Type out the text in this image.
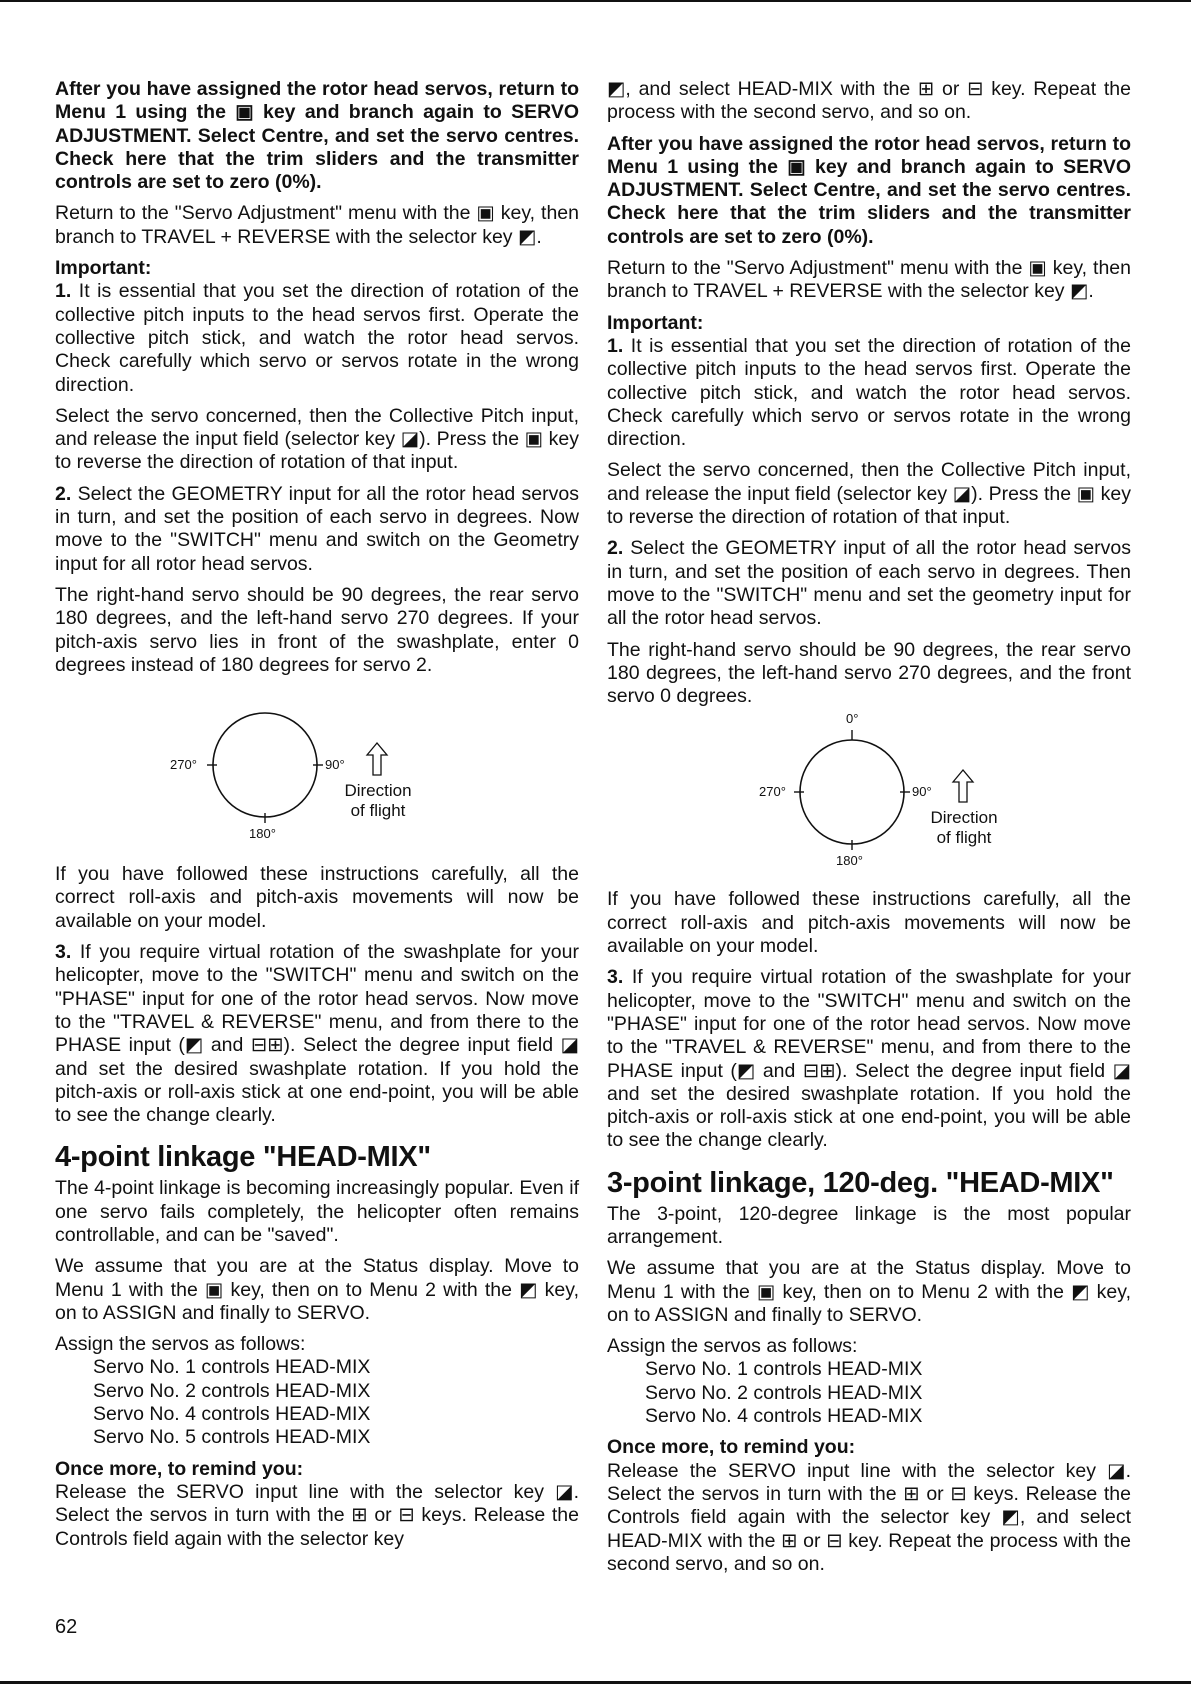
After you have assigned the rotor head servos, return to Menu 1 using the ▣ key and branch again to SERVO ADJUSTMENT. Select Centre, and set the servo centres. Check here that the trim sliders and the transmitter controls are set to zero (0%).

Return to the "Servo Adjustment" menu with the ▣ key, then branch to TRAVEL + REVERSE with the selector key ◩.

Important:

1. It is essential that you set the direction of rotation of the collective pitch inputs to the head servos first. Operate the collective pitch stick, and watch the rotor head servos. Check carefully which servo or servos rotate in the wrong direction.

Select the servo concerned, then the Collective Pitch input, and release the input field (selector key ◪). Press the ▣ key to reverse the direction of rotation of that input.

2. Select the GEOMETRY input for all the rotor head servos in turn, and set the position of each servo in degrees. Now move to the "SWITCH" menu and switch on the Geometry input for all rotor head servos.

The right-hand servo should be 90 degrees, the rear servo 180 degrees, and the left-hand servo 270 degrees. If your pitch-axis servo lies in front of the swashplate, enter 0 degrees instead of 180 degrees for servo 2.

270°	90°
180°
Direction
of flight

If you have followed these instructions carefully, all the correct roll-axis and pitch-axis movements will now be available on your model.

3. If you require virtual rotation of the swashplate for your helicopter, move to the "SWITCH" menu and switch on the "PHASE" input for one of the rotor head servos. Now move to the "TRAVEL & REVERSE" menu, and from there to the PHASE input (◩ and ⊟⊞). Select the degree input field ◪ and set the desired swashplate rotation. If you hold the pitch-axis or roll-axis stick at one end-point, you will be able to see the change clearly.

4-point linkage "HEAD-MIX"

The 4-point linkage is becoming increasingly popular. Even if one servo fails completely, the helicopter often remains controllable, and can be "saved".

We assume that you are at the Status display. Move to Menu 1 with the ▣ key, then on to Menu 2 with the ◩ key, on to ASSIGN and finally to SERVO.

Assign the servos as follows:

Servo No. 1 controls HEAD-MIX
Servo No. 2 controls HEAD-MIX
Servo No. 4 controls HEAD-MIX
Servo No. 5 controls HEAD-MIX

Once more, to remind you:

Release the SERVO input line with the selector key ◪. Select the servos in turn with the ⊞ or ⊟ keys. Release the Controls field again with the selector key

◩, and select HEAD-MIX with the ⊞ or ⊟ key. Repeat the process with the second servo, and so on.

After you have assigned the rotor head servos, return to Menu 1 using the ▣ key and branch again to SERVO ADJUSTMENT. Select Centre, and set the servo centres. Check here that the trim sliders and the transmitter controls are set to zero (0%).

Return to the "Servo Adjustment" menu with the ▣ key, then branch to TRAVEL + REVERSE with the selector key ◩.

Important:

1. It is essential that you set the direction of rotation of the collective pitch inputs to the head servos first. Operate the collective pitch stick, and watch the rotor head servos. Check carefully which servo or servos rotate in the wrong direction.

Select the servo concerned, then the Collective Pitch input, and release the input field (selector key ◪). Press the ▣ key to reverse the direction of rotation of that input.

2. Select the GEOMETRY input of all the rotor head servos in turn, and set the position of each servo in degrees. Then move to the "SWITCH" menu and set the geometry input for all the rotor head servos.

The right-hand servo should be 90 degrees, the rear servo 180 degrees, the left-hand servo 270 degrees, and the front servo 0 degrees.

0°
270°	90°
180°
Direction
of flight

If you have followed these instructions carefully, all the correct roll-axis and pitch-axis movements will now be available on your model.

3. If you require virtual rotation of the swashplate for your helicopter, move to the "SWITCH" menu and switch on the "PHASE" input for one of the rotor head servos. Now move to the "TRAVEL & REVERSE" menu, and from there to the PHASE input (◩ and ⊟⊞). Select the degree input field ◪ and set the desired swashplate rotation. If you hold the pitch-axis or roll-axis stick at one end-point, you will be able to see the change clearly.

3-point linkage, 120-deg. "HEAD-MIX"

The 3-point, 120-degree linkage is the most popular arrangement.

We assume that you are at the Status display. Move to Menu 1 with the ▣ key, then on to Menu 2 with the ◩ key, on to ASSIGN and finally to SERVO.

Assign the servos as follows:

Servo No. 1 controls HEAD-MIX
Servo No. 2 controls HEAD-MIX
Servo No. 4 controls HEAD-MIX

Once more, to remind you:

Release the SERVO input line with the selector key ◪. Select the servos in turn with the ⊞ or ⊟ keys. Release the Controls field again with the selector key ◩, and select HEAD-MIX with the ⊞ or ⊟ key. Repeat the process with the second servo, and so on.

62
